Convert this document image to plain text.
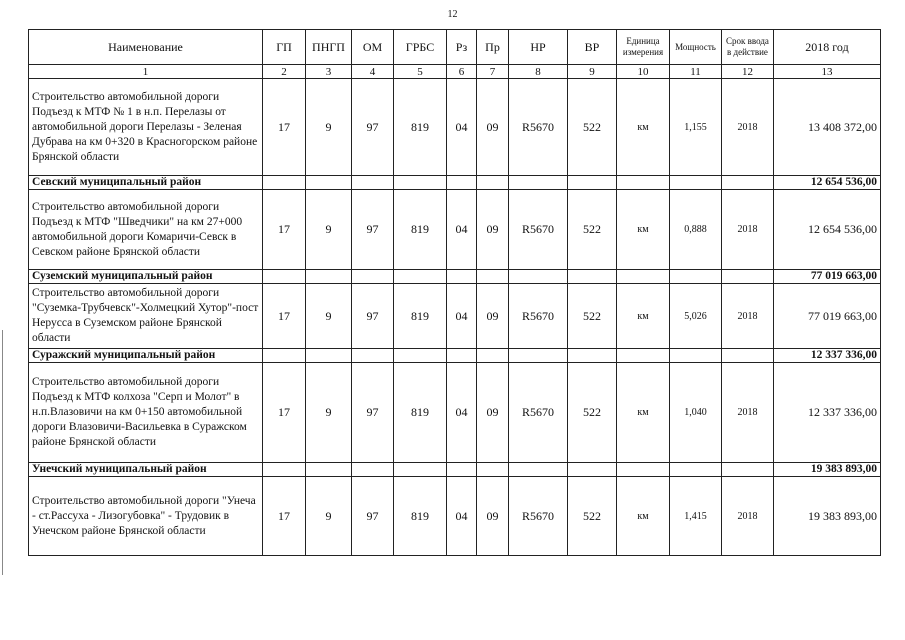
12
Наименование	ГП	ПНГП	ОМ	ГРБС	Рз	Пр	НР	ВР	Единица измерения	Мощность	Срок ввода в действие	2018 год
1	2	3	4	5	6	7	8	9	10	11	12	13
Строительство автомобильной дороги Подъезд к МТФ № 1 в н.п. Перелазы от автомобильной дороги Перелазы - Зеленая Дубрава на км 0+320 в Красногорском районе Брянской области	17	9	97	819	04	09	R5670	522	км	1,155	2018	13 408 372,00
Севский муниципальный район												12 654 536,00
Строительство автомобильной дороги Подъезд к МТФ "Шведчики" на км 27+000 автомобильной дороги Комаричи-Севск в Севском районе Брянской области	17	9	97	819	04	09	R5670	522	км	0,888	2018	12 654 536,00
Суземский муниципальный район												77 019 663,00
Строительство автомобильной дороги "Суземка-Трубчевск"-Холмецкий Хутор"-пост Нерусса в Суземском районе Брянской области	17	9	97	819	04	09	R5670	522	км	5,026	2018	77 019 663,00
Суражский муниципальный район												12 337 336,00
Строительство автомобильной дороги Подъезд к МТФ колхоза "Серп и Молот" в н.п.Влазовичи на км 0+150 автомобильной дороги Влазовичи-Васильевка в Суражском районе Брянской области	17	9	97	819	04	09	R5670	522	км	1,040	2018	12 337 336,00
Унечский муниципальный район												19 383 893,00
Строительство автомобильной дороги "Унеча - ст.Рассуха - Лизогубовка" - Трудовик в Унечском районе Брянской области	17	9	97	819	04	09	R5670	522	км	1,415	2018	19 383 893,00
